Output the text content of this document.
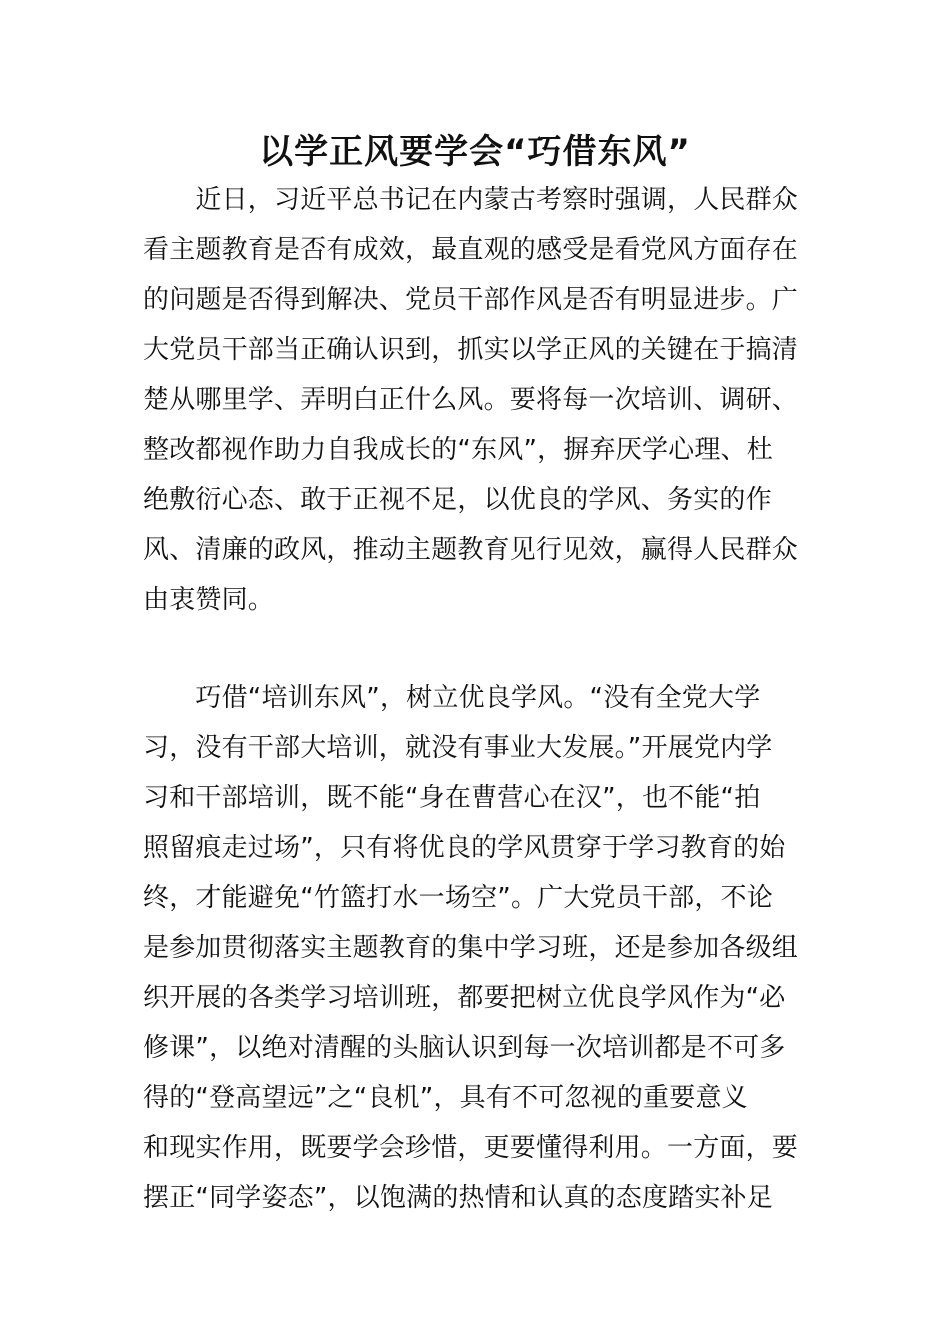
以学正风要学会“巧借东风”
　　近日，习近平总书记在内蒙古考察时强调，人民群众
看主题教育是否有成效，最直观的感受是看党风方面存在
的问题是否得到解决、党员干部作风是否有明显进步。广
大党员干部当正确认识到，抓实以学正风的关键在于搞清
楚从哪里学、弄明白正什么风。要将每一次培训、调研、
整改都视作助力自我成长的“东风”，摒弃厌学心理、杜
绝敷衍心态、敢于正视不足，以优良的学风、务实的作
风、清廉的政风，推动主题教育见行见效，赢得人民群众
由衷赞同。
　　巧借“培训东风”，树立优良学风。“没有全党大学
习，没有干部大培训，就没有事业大发展。”开展党内学
习和干部培训，既不能“身在曹营心在汉”，也不能“拍
照留痕走过场”，只有将优良的学风贯穿于学习教育的始
终，才能避免“竹篮打水一场空”。广大党员干部，不论
是参加贯彻落实主题教育的集中学习班，还是参加各级组
织开展的各类学习培训班，都要把树立优良学风作为“必
修课”，以绝对清醒的头脑认识到每一次培训都是不可多
得的“登高望远”之“良机”，具有不可忽视的重要意义
和现实作用，既要学会珍惜，更要懂得利用。一方面，要
摆正“同学姿态”，以饱满的热情和认真的态度踏实补足
